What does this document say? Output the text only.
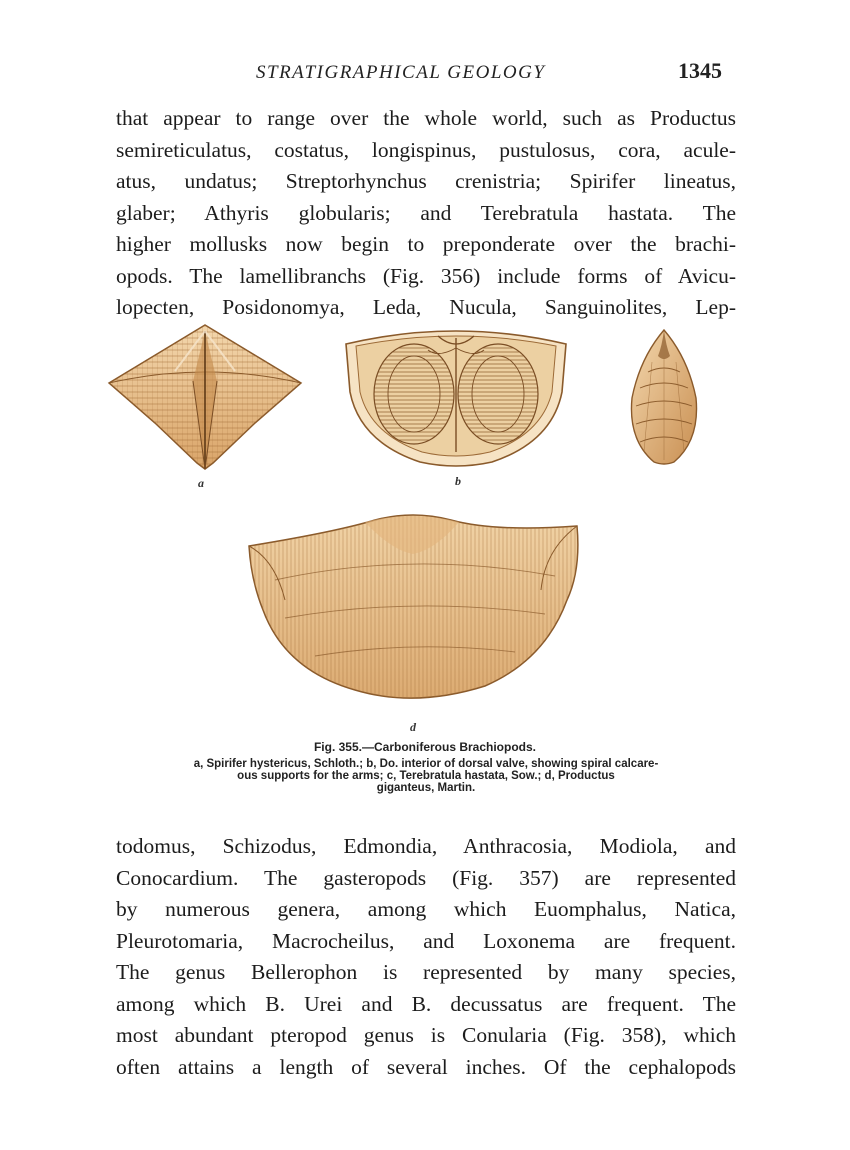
STRATIGRAPHICAL GEOLOGY	1345
that appear to range over the whole world, such as Productus
semireticulatus, costatus, longispinus, pustulosus, cora, acule-
atus, undatus; Streptorhynchus crenistria; Spirifer lineatus,
glaber; Athyris globularis; and Terebratula hastata. The
higher mollusks now begin to preponderate over the brachi-
opods. The lamellibranchs (Fig. 356) include forms of Avicu-
lopecten, Posidonomya, Leda, Nucula, Sanguinolites, Lep-
a	b
d
Fig. 355.—Carboniferous Brachiopods.
a, Spirifer hystericus, Schloth.; b, Do. interior of dorsal valve, showing spiral calcare-
ous supports for the arms; c, Terebratula hastata, Sow.; d, Productus
giganteus, Martin.
todomus, Schizodus, Edmondia, Anthracosia, Modiola, and
Conocardium. The gasteropods (Fig. 357) are represented
by numerous genera, among which Euomphalus, Natica,
Pleurotomaria, Macrocheilus, and Loxonema are frequent.
The genus Bellerophon is represented by many species,
among which B. Urei and B. decussatus are frequent. The
most abundant pteropod genus is Conularia (Fig. 358), which
often attains a length of several inches. Of the cephalopods
